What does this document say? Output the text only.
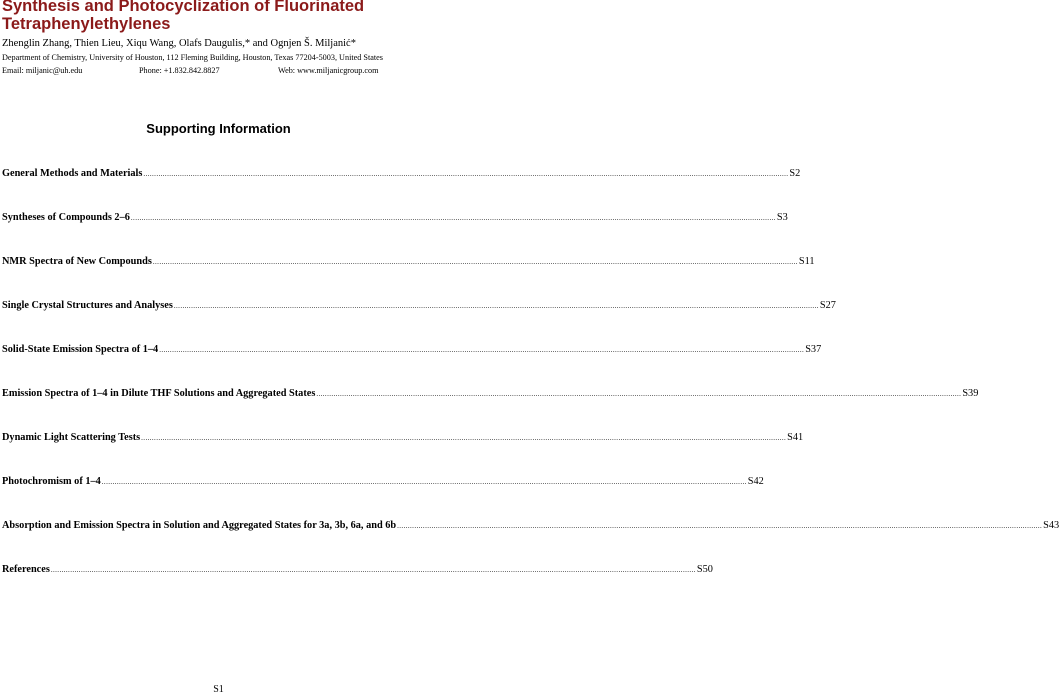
Synthesis and Photocyclization of Fluorinated Tetraphenylethylenes
Zhenglin Zhang, Thien Lieu, Xiqu Wang, Olafs Daugulis,* and Ognjen Š. Miljanić*
Department of Chemistry, University of Houston, 112 Fleming Building, Houston, Texas 77204-5003, United States
Email: miljanic@uh.edu	Phone: +1.832.842.8827	Web: www.miljanicgroup.com
Supporting Information
General Methods and Materials ............................................................................................................................................................................................................................................................................................................ S2
Syntheses of Compounds 2–6 ............................................................................................................................................................................................................................................................................................................ S3
NMR Spectra of New Compounds ............................................................................................................................................................................................................................................................................................................ S11
Single Crystal Structures and Analyses ............................................................................................................................................................................................................................................................................................................ S27
Solid-State Emission Spectra of 1–4 ............................................................................................................................................................................................................................................................................................................ S37
Emission Spectra of 1–4 in Dilute THF Solutions and Aggregated States ............................................................................................................................................................................................................................................................................................................ S39
Dynamic Light Scattering Tests ............................................................................................................................................................................................................................................................................................................ S41
Photochromism of 1–4 ............................................................................................................................................................................................................................................................................................................ S42
Absorption and Emission Spectra in Solution and Aggregated States for 3a, 3b, 6a, and 6b ............................................................................................................................................................................................................................................................................................................ S43
References ............................................................................................................................................................................................................................................................................................................ S50
S1
